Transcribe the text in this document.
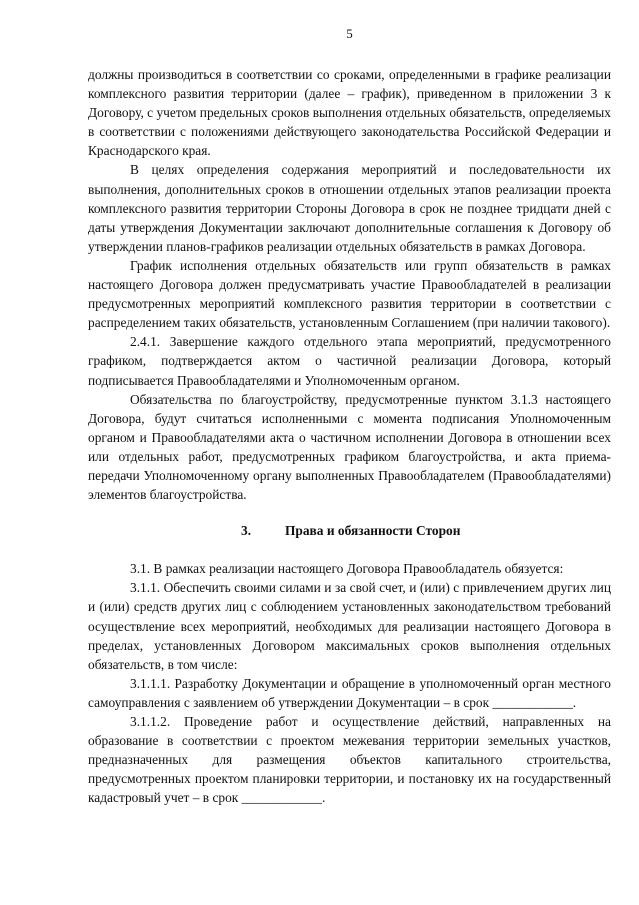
5

должны производиться в соответствии со сроками, определенными в графике реализации комплексного развития территории (далее – график), приведенном в приложении 3 к Договору, с учетом предельных сроков выполнения отдельных обязательств, определяемых в соответствии с положениями действующего законодательства Российской Федерации и Краснодарского края.

В целях определения содержания мероприятий и последовательности их выполнения, дополнительных сроков в отношении отдельных этапов реализации проекта комплексного развития территории Стороны Договора в срок не позднее тридцати дней с даты утверждения Документации заключают дополнительные соглашения к Договору об утверждении планов-графиков реализации отдельных обязательств в рамках Договора.

График исполнения отдельных обязательств или групп обязательств в рамках настоящего Договора должен предусматривать участие Правообладателей в реализации предусмотренных мероприятий комплексного развития территории в соответствии с распределением таких обязательств, установленным Соглашением (при наличии такового).

2.4.1. Завершение каждого отдельного этапа мероприятий, предусмотренного графиком, подтверждается актом о частичной реализации Договора, который подписывается Правообладателями и Уполномоченным органом.

Обязательства по благоустройству, предусмотренные пунктом 3.1.3 настоящего Договора, будут считаться исполненными с момента подписания Уполномоченным органом и Правообладателями акта о частичном исполнении Договора в отношении всех или отдельных работ, предусмотренных графиком благоустройства, и акта приема-передачи Уполномоченному органу выполненных Правообладателем (Правообладателями) элементов благоустройства.

3.	Права и обязанности Сторон

3.1. В рамках реализации настоящего Договора Правообладатель обязуется:

3.1.1. Обеспечить своими силами и за свой счет, и (или) с привлечением других лиц и (или) средств других лиц с соблюдением установленных законодательством требований осуществление всех мероприятий, необходимых для реализации настоящего Договора в пределах, установленных Договором максимальных сроков выполнения отдельных обязательств, в том числе:

3.1.1.1. Разработку Документации и обращение в уполномоченный орган местного самоуправления с заявлением об утверждении Документации – в срок ____________.

3.1.1.2. Проведение работ и осуществление действий, направленных на образование в соответствии с проектом межевания территории земельных участков, предназначенных для размещения объектов капитального строительства, предусмотренных проектом планировки территории, и постановку их на государственный кадастровый учет – в срок ____________.
